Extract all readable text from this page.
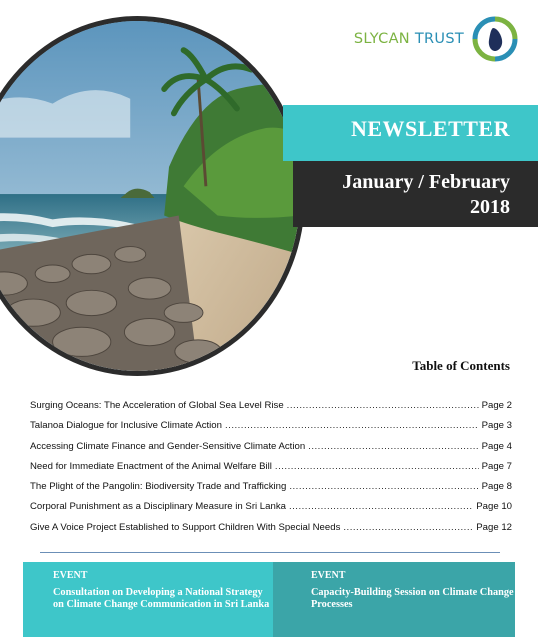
SLYCAN TRUST
NEWSLETTER
January / February
2018
Table of Contents
Surging Oceans: The Acceleration of Global Sea Level Rise .....	Page 2
Talanoa Dialogue for Inclusive Climate Action .....	Page 3
Accessing Climate Finance and Gender-Sensitive Climate Action .....	Page 4
Need for Immediate Enactment of the Animal Welfare Bill .....	Page 7
The Plight of the Pangolin: Biodiversity Trade and Trafficking .....	Page 8
Corporal Punishment as a Disciplinary Measure in Sri Lanka .....	Page 10
Give A Voice Project Established to Support Children With Special Needs .....	Page 12
EVENT
Consultation on Developing a National Strategy on Climate Change Communication in Sri Lanka
EVENT
Capacity-Building Session on Climate Change Processes
